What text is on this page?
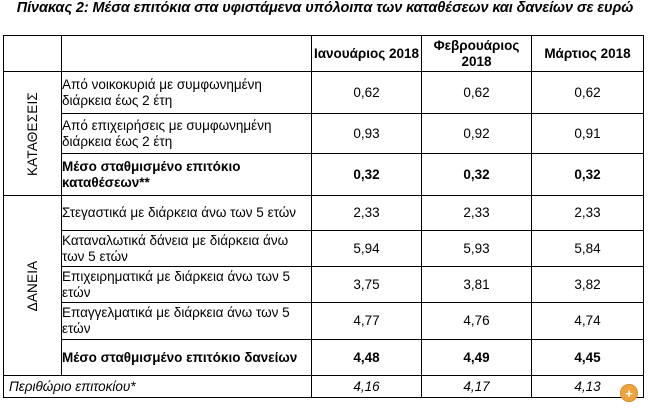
Πίνακας 2: Μέσα επιτόκια στα υφιστάμενα υπόλοιπα των καταθέσεων και δανείων σε ευρώ
		Ιανουάριος 2018	Φεβρουάριος 2018	Μάρτιος 2018

ΚΑΤΑΘΕΣΕΙΣ	Από νοικοκυριά με συμφωνημένη διάρκεια έως 2 έτη	0,62	0,62	0,62
	Από επιχειρήσεις με συμφωνημένη διάρκεια έως 2 έτη	0,93	0,92	0,91
	Μέσο σταθμισμένο επιτόκιο καταθέσεων**	0,32	0,32	0,32

ΔΑΝΕΙΑ	Στεγαστικά με διάρκεια άνω των 5 ετών	2,33	2,33	2,33
	Καταναλωτικά δάνεια με διάρκεια άνω των 5 ετών	5,94	5,93	5,84
	Επιχειρηματικά με διάρκεια άνω των 5 ετών	3,75	3,81	3,82
	Επαγγελματικά με διάρκεια άνω των 5 ετών	4,77	4,76	4,74
	Μέσο σταθμισμένο επιτόκιο δανείων	4,48	4,49	4,45
Περιθώριο επιτοκίου*		4,16	4,17	4,13	+
